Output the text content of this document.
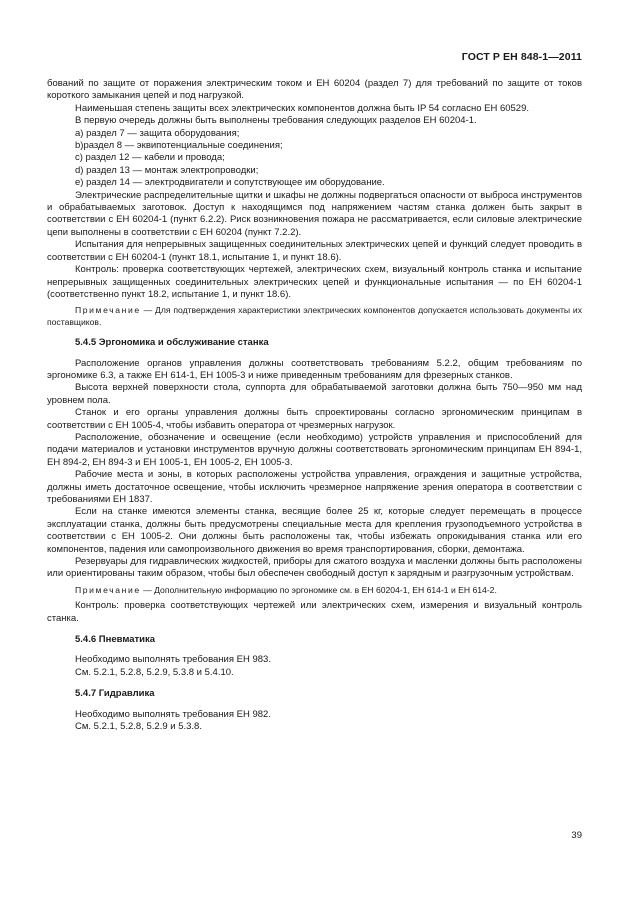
ГОСТ Р ЕН 848-1—2011

бований по защите от поражения электрическим током и ЕН 60204 (раздел 7) для требований по защите от токов короткого замыкания цепей и под нагрузкой.

Наименьшая степень защиты всех электрических компонентов должна быть IP 54 согласно ЕН 60529.

В первую очередь должны быть выполнены требования следующих разделов ЕН 60204-1.

a) раздел 7 — защита оборудования;

b)раздел 8 — эквипотенциальные соединения;

c) раздел 12 — кабели и провода;

d) раздел 13 — монтаж электропроводки;

e) раздел 14 — электродвигатели и сопутствующее им оборудование.

Электрические распределительные щитки и шкафы не должны подвергаться опасности от выброса инструментов и обрабатываемых заготовок. Доступ к находящимся под напряжением частям станка должен быть закрыт в соответствии с ЕН 60204-1 (пункт 6.2.2). Риск возникновения пожара не рассматривается, если силовые электрические цепи выполнены в соответствии с ЕН 60204 (пункт 7.2.2).

Испытания для непрерывных защищенных соединительных электрических цепей и функций следует проводить в соответствии с ЕН 60204-1 (пункт 18.1, испытание 1, и пункт 18.6).

Контроль: проверка соответствующих чертежей, электрических схем, визуальный контроль станка и испытание непрерывных защищенных соединительных электрических цепей и функциональные испытания — по ЕН 60204-1 (соответственно пункт 18.2, испытание 1, и пункт 18.6).

Примечание — Для подтверждения характеристики электрических компонентов допускается использовать документы их поставщиков.

5.4.5 Эргономика и обслуживание станка

Расположение органов управления должны соответствовать требованиям 5.2.2, общим требованиям по эргономике 6.3, а также ЕН 614-1, ЕН 1005-3 и ниже приведенным требованиям для фрезерных станков.

Высота верхней поверхности стола, суппорта для обрабатываемой заготовки должна быть 750—950 мм над уровнем пола.

Станок и его органы управления должны быть спроектированы согласно эргономическим принципам в соответствии с ЕН 1005-4, чтобы избавить оператора от чрезмерных нагрузок.

Расположение, обозначение и освещение (если необходимо) устройств управления и приспособлений для подачи материалов и установки инструментов вручную должны соответствовать эргономическим принципам ЕН 894-1, ЕН 894-2, ЕН 894-3 и ЕН 1005-1, ЕН 1005-2, ЕН 1005-3.

Рабочие места и зоны, в которых расположены устройства управления, ограждения и защитные устройства, должны иметь достаточное освещение, чтобы исключить чрезмерное напряжение зрения оператора в соответствии с требованиями ЕН 1837.

Если на станке имеются элементы станка, весящие более 25 кг, которые следует перемещать в процессе эксплуатации станка, должны быть предусмотрены специальные места для крепления грузоподъемного устройства в соответствии с ЕН 1005-2. Они должны быть расположены так, чтобы избежать опрокидывания станка или его компонентов, падения или самопроизвольного движения во время транспортирования, сборки, демонтажа.

Резервуары для гидравлических жидкостей, приборы для сжатого воздуха и масленки должны быть расположены или ориентированы таким образом, чтобы был обеспечен свободный доступ к зарядным и разгрузочным устройствам.

Примечание — Дополнительную информацию по эргономике см. в ЕН 60204-1, ЕН 614-1 и ЕН 614-2.

Контроль: проверка соответствующих чертежей или электрических схем, измерения и визуальный контроль станка.

5.4.6 Пневматика

Необходимо выполнять требования ЕН 983.

См. 5.2.1, 5.2.8, 5.2.9, 5.3.8 и 5.4.10.

5.4.7 Гидравлика

Необходимо выполнять требования ЕН 982.

См. 5.2.1, 5.2.8, 5.2.9 и 5.3.8.

39
